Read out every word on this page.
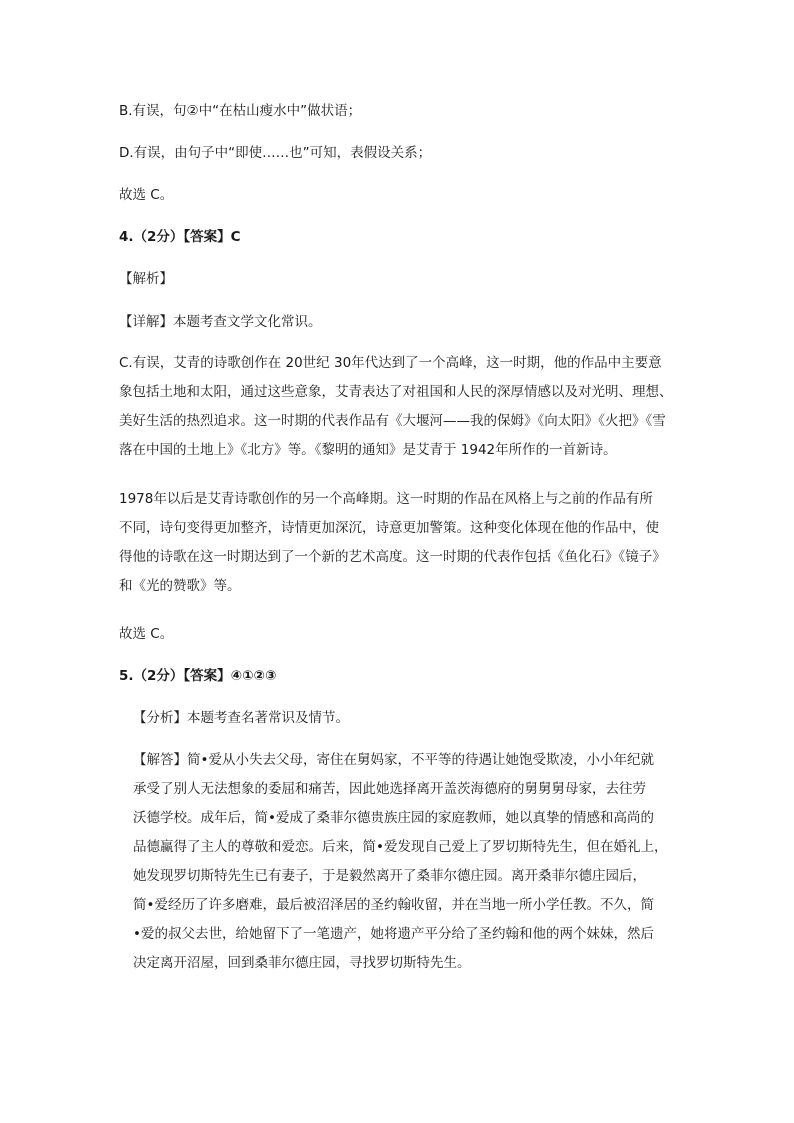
B.有误，句②中“在枯山瘦水中”做状语；

D.有误，由句子中“即使……也”可知，表假设关系；

故选 C。

4.（2分）【答案】C

【解析】

【详解】本题考查文学文化常识。

C.有误，艾青的诗歌创作在 20世纪 30年代达到了一个高峰，这一时期，他的作品中主要意
象包括土地和太阳，通过这些意象，艾青表达了对祖国和人民的深厚情感以及对光明、理想、
美好生活的热烈追求。这一时期的代表作品有《大堰河——我的保姆》《向太阳》《火把》《雪
落在中国的土地上》《北方》等。《黎明的通知》是艾青于 1942年所作的一首新诗。

1978年以后是艾青诗歌创作的另一个高峰期。这一时期的作品在风格上与之前的作品有所
不同，诗句变得更加整齐，诗情更加深沉，诗意更加警策。这种变化体现在他的作品中，使
得他的诗歌在这一时期达到了一个新的艺术高度。这一时期的代表作包括《鱼化石》《镜子》
和《光的赞歌》等。

故选 C。

5.（2分）【答案】④①②③

【分析】本题考查名著常识及情节。

【解答】简•爱从小失去父母，寄住在舅妈家，不平等的待遇让她饱受欺凌，小小年纪就
承受了别人无法想象的委屈和痛苦，因此她选择离开盖茨海德府的舅舅舅母家，去往劳
沃德学校。成年后，简•爱成了桑菲尔德贵族庄园的家庭教师，她以真挚的情感和高尚的
品德赢得了主人的尊敬和爱恋。后来，简•爱发现自己爱上了罗切斯特先生，但在婚礼上，
她发现罗切斯特先生已有妻子，于是毅然离开了桑菲尔德庄园。离开桑菲尔德庄园后，
简•爱经历了许多磨难，最后被沼泽居的圣约翰收留，并在当地一所小学任教。不久，简
•爱的叔父去世，给她留下了一笔遗产，她将遗产平分给了圣约翰和他的两个妹妹，然后
决定离开沼屋，回到桑菲尔德庄园，寻找罗切斯特先生。
